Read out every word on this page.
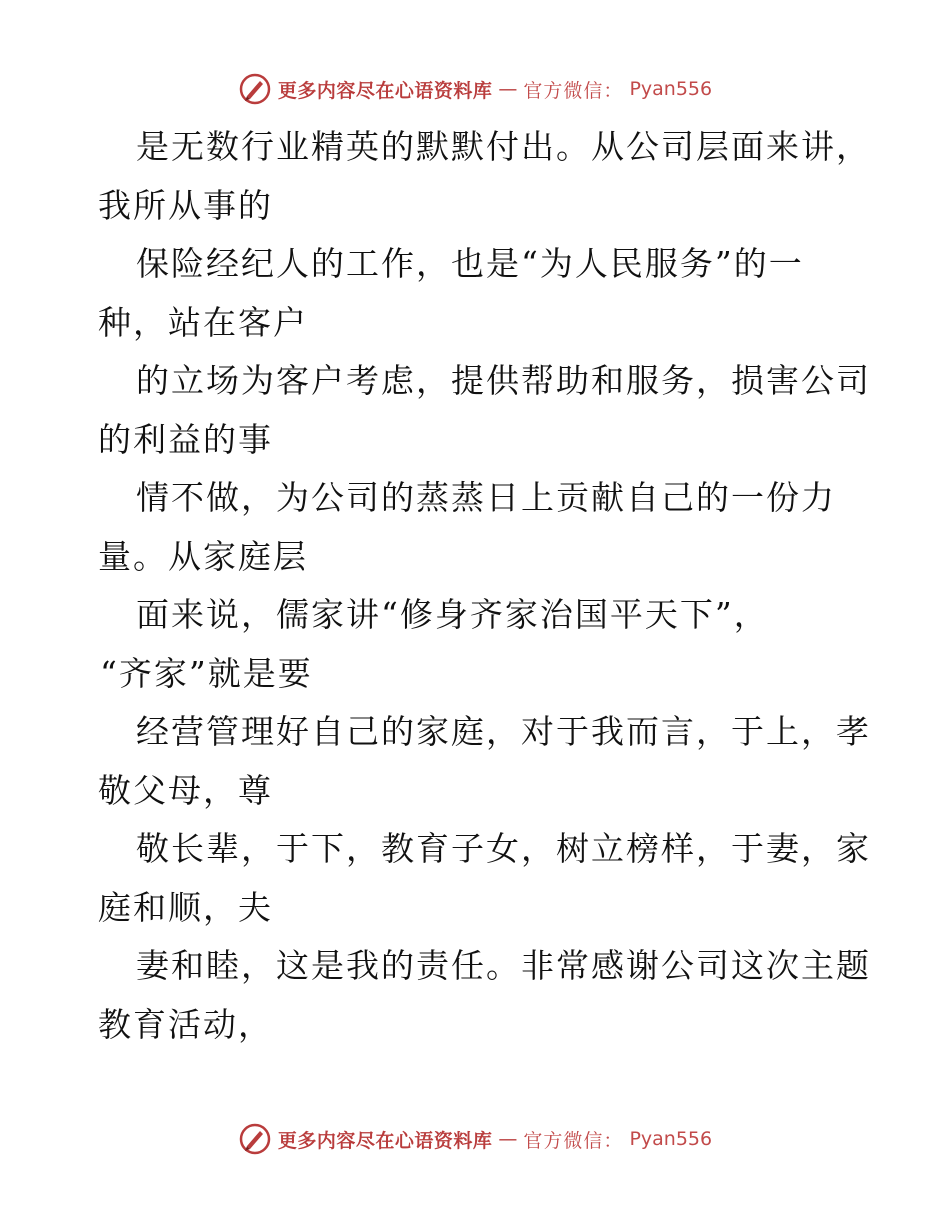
更多内容尽在心语资料库 — 官方微信： Pyan556
是无数行业精英的默默付出。从公司层面来讲，
我所从事的
保险经纪人的工作，也是“为人民服务”的一
种，站在客户
的立场为客户考虑，提供帮助和服务，损害公司
的利益的事
情不做，为公司的蒸蒸日上贡献自己的一份力
量。从家庭层
面来说，儒家讲“修身齐家治国平天下”，
“齐家”就是要
经营管理好自己的家庭，对于我而言，于上，孝
敬父母，尊
敬长辈，于下，教育子女，树立榜样，于妻，家
庭和顺，夫
妻和睦，这是我的责任。非常感谢公司这次主题
教育活动，
更多内容尽在心语资料库 — 官方微信： Pyan556
